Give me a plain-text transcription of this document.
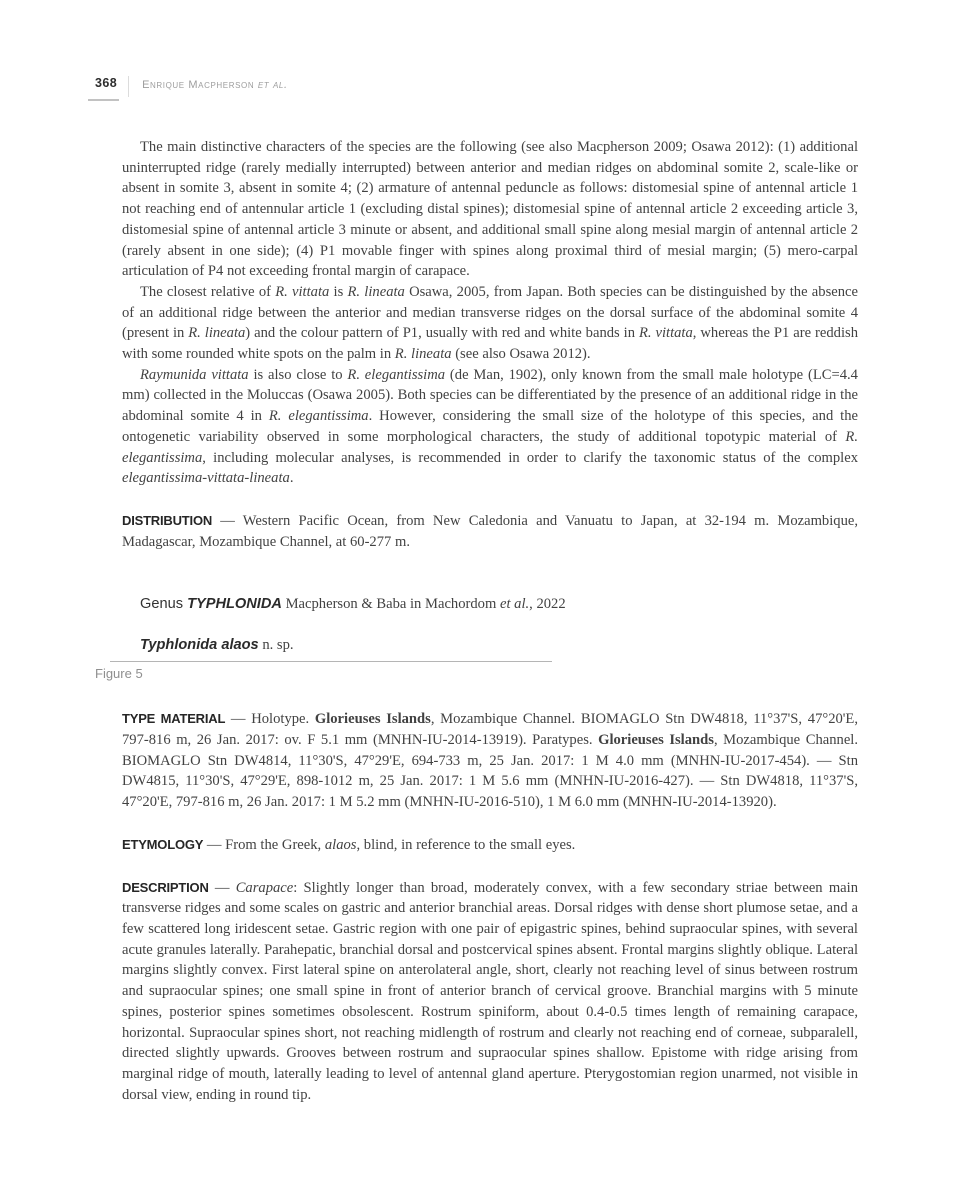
368 Enrique Macpherson et al.

The main distinctive characters of the species are the following (see also Macpherson 2009; Osawa 2012): (1) additional uninterrupted ridge (rarely medially interrupted) between anterior and median ridges on abdominal somite 2, scale-like or absent in somite 3, absent in somite 4; (2) armature of antennal peduncle as follows: distomesial spine of antennal article 1 not reaching end of antennular article 1 (excluding distal spines); distomesial spine of antennal article 2 exceeding article 3, distomesial spine of antennal article 3 minute or absent, and additional small spine along mesial margin of antennal article 2 (rarely absent in one side); (4) P1 movable finger with spines along proximal third of mesial margin; (5) mero-carpal articulation of P4 not exceeding frontal margin of carapace.

The closest relative of R. vittata is R. lineata Osawa, 2005, from Japan. Both species can be distinguished by the absence of an additional ridge between the anterior and median transverse ridges on the dorsal surface of the abdominal somite 4 (present in R. lineata) and the colour pattern of P1, usually with red and white bands in R. vittata, whereas the P1 are reddish with some rounded white spots on the palm in R. lineata (see also Osawa 2012).

Raymunida vittata is also close to R. elegantissima (de Man, 1902), only known from the small male holotype (LC=4.4 mm) collected in the Moluccas (Osawa 2005). Both species can be differentiated by the presence of an additional ridge in the abdominal somite 4 in R. elegantissima. However, considering the small size of the holotype of this species, and the ontogenetic variability observed in some morphological characters, the study of additional topotypic material of R. elegantissima, including molecular analyses, is recommended in order to clarify the taxonomic status of the complex elegantissima-vittata-lineata.

DISTRIBUTION — Western Pacific Ocean, from New Caledonia and Vanuatu to Japan, at 32-194 m. Mozambique, Madagascar, Mozambique Channel, at 60-277 m.

Genus TYPHLONIDA Macpherson & Baba in Machordom et al., 2022

Typhlonida alaos n. sp.

Figure 5

TYPE MATERIAL — Holotype. Glorieuses Islands, Mozambique Channel. BIOMAGLO Stn DW4818, 11°37'S, 47°20'E, 797-816 m, 26 Jan. 2017: ov. F 5.1 mm (MNHN-IU-2014-13919). Paratypes. Glorieuses Islands, Mozambique Channel. BIOMAGLO Stn DW4814, 11°30'S, 47°29'E, 694-733 m, 25 Jan. 2017: 1 M 4.0 mm (MNHN-IU-2017-454). — Stn DW4815, 11°30'S, 47°29'E, 898-1012 m, 25 Jan. 2017: 1 M 5.6 mm (MNHN-IU-2016-427). — Stn DW4818, 11°37'S, 47°20'E, 797-816 m, 26 Jan. 2017: 1 M 5.2 mm (MNHN-IU-2016-510), 1 M 6.0 mm (MNHN-IU-2014-13920).

ETYMOLOGY — From the Greek, alaos, blind, in reference to the small eyes.

DESCRIPTION — Carapace: Slightly longer than broad, moderately convex, with a few secondary striae between main transverse ridges and some scales on gastric and anterior branchial areas. Dorsal ridges with dense short plumose setae, and a few scattered long iridescent setae. Gastric region with one pair of epigastric spines, behind supraocular spines, with several acute granules laterally. Parahepatic, branchial dorsal and postcervical spines absent. Frontal margins slightly oblique. Lateral margins slightly convex. First lateral spine on anterolateral angle, short, clearly not reaching level of sinus between rostrum and supraocular spines; one small spine in front of anterior branch of cervical groove. Branchial margins with 5 minute spines, posterior spines sometimes obsolescent. Rostrum spiniform, about 0.4-0.5 times length of remaining carapace, horizontal. Supraocular spines short, not reaching midlength of rostrum and clearly not reaching end of corneae, subparalell, directed slightly upwards. Grooves between rostrum and supraocular spines shallow. Epistome with ridge arising from marginal ridge of mouth, laterally leading to level of antennal gland aperture. Pterygostomian region unarmed, not visible in dorsal view, ending in round tip.
